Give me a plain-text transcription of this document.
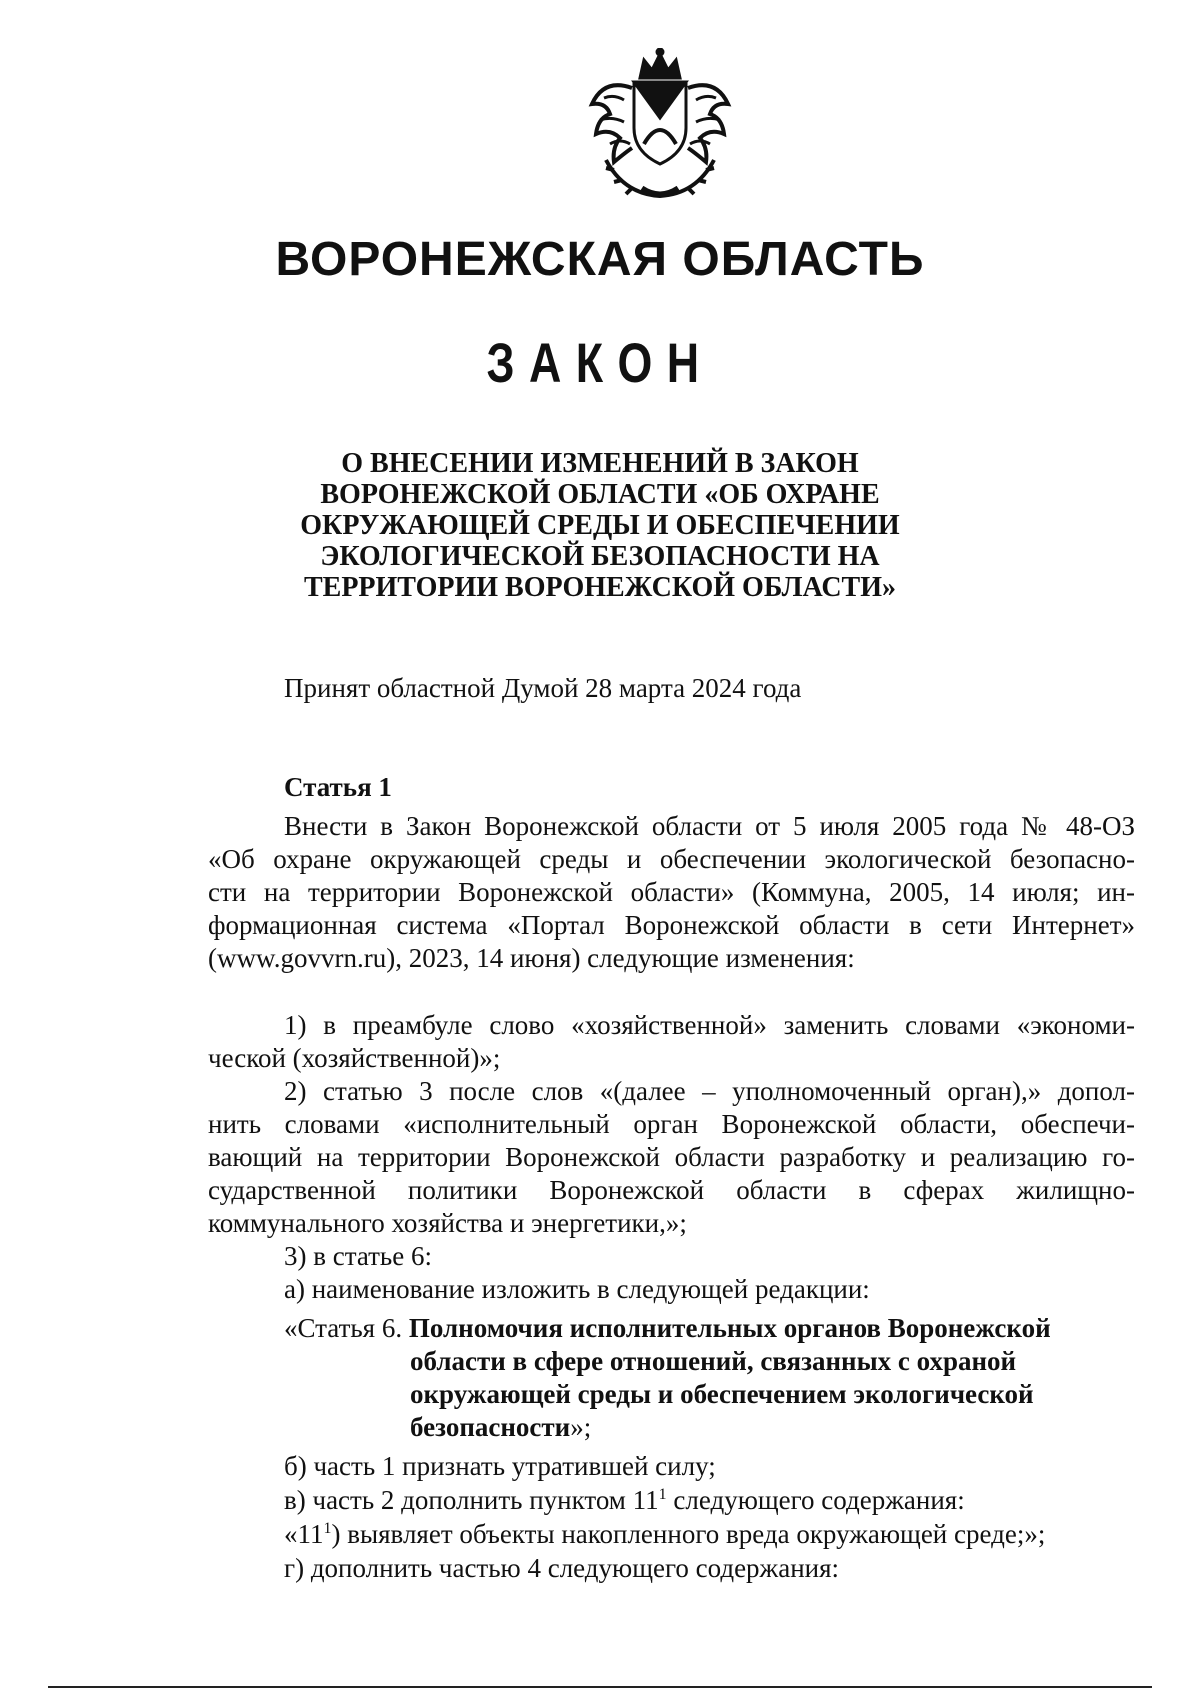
ВОРОНЕЖСКАЯ ОБЛАСТЬ
ЗАКОН
О ВНЕСЕНИИ ИЗМЕНЕНИЙ В ЗАКОН
ВОРОНЕЖСКОЙ ОБЛАСТИ «ОБ ОХРАНЕ
ОКРУЖАЮЩЕЙ СРЕДЫ И ОБЕСПЕЧЕНИИ
ЭКОЛОГИЧЕСКОЙ БЕЗОПАСНОСТИ НА
ТЕРРИТОРИИ ВОРОНЕЖСКОЙ ОБЛАСТИ»
Принят областной Думой 28 марта 2024 года
Статья 1
Внести в Закон Воронежской области от 5 июля 2005 года № 48-ОЗ
«Об охране окружающей среды и обеспечении экологической безопасно-
сти на территории Воронежской области» (Коммуна, 2005, 14 июля; ин-
формационная система «Портал Воронежской области в сети Интернет»
(www.govvrn.ru), 2023, 14 июня) следующие изменения:
1) в преамбуле слово «хозяйственной» заменить словами «экономи-
ческой (хозяйственной)»;
2) статью 3 после слов «(далее – уполномоченный орган),» допол-
нить словами «исполнительный орган Воронежской области, обеспечи-
вающий на территории Воронежской области разработку и реализацию го-
сударственной политики Воронежской области в сферах жилищно-
коммунального хозяйства и энергетики,»;
3) в статье 6:
а) наименование изложить в следующей редакции:
«Статья 6. Полномочия исполнительных органов Воронежской
области в сфере отношений, связанных с охраной
окружающей среды и обеспечением экологической
безопасности»;
б) часть 1 признать утратившей силу;
в) часть 2 дополнить пунктом $11^1$ следующего содержания:
«$11^1$) выявляет объекты накопленного вреда окружающей среде;»;
г) дополнить частью 4 следующего содержания:
